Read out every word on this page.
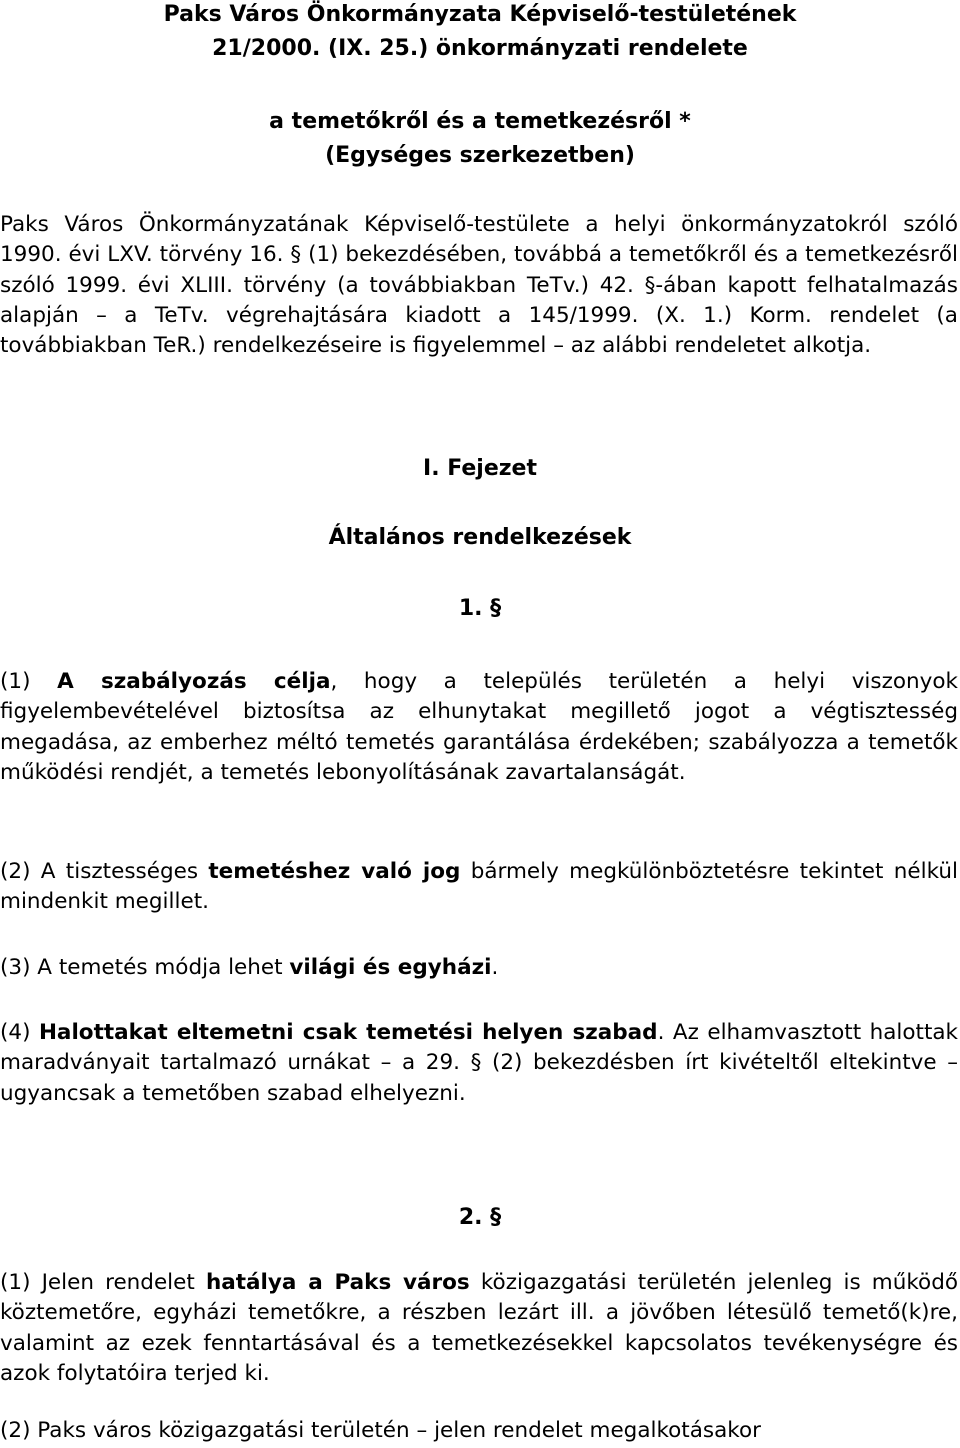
Paks Város Önkormányzata Képviselő-testületének

21/2000. (IX. 25.) önkormányzati rendelete

a temetőkről és a temetkezésről *

(Egységes szerkezetben)

Paks Város Önkormányzatának Képviselő-testülete a helyi önkormányzatokról szóló 1990. évi LXV. törvény 16. § (1) bekezdésében, továbbá a temetőkről és a temetkezésről szóló 1999. évi XLIII. törvény (a továbbiakban TeTv.) 42. §-ában kapott felhatalmazás alapján – a TeTv. végrehajtására kiadott a 145/1999. (X. 1.) Korm. rendelet (a továbbiakban TeR.) rendelkezéseire is figyelemmel – az alábbi rendeletet alkotja.

I. Fejezet

Általános rendelkezések

1. §

(1) A szabályozás célja, hogy a település területén a helyi viszonyok figyelembevételével biztosítsa az elhunytakat megillető jogot a végtisztesség megadása, az emberhez méltó temetés garantálása érdekében; szabályozza a temetők működési rendjét, a temetés lebonyolításának zavartalanságát.

(2) A tisztességes temetéshez való jog bármely megkülönböztetésre tekintet nélkül mindenkit megillet.

(3) A temetés módja lehet világi és egyházi.

(4) Halottakat eltemetni csak temetési helyen szabad. Az elhamvasztott halottak maradványait tartalmazó urnákat – a 29. § (2) bekezdésben írt kivételtől eltekintve – ugyancsak a temetőben szabad elhelyezni.

2. §

(1) Jelen rendelet hatálya a Paks város közigazgatási területén jelenleg is működő köztemetőre, egyházi temetőkre, a részben lezárt ill. a jövőben létesülő temető(k)re, valamint az ezek fenntartásával és a temetkezésekkel kapcsolatos tevékenységre és azok folytatóira terjed ki.

(2) Paks város közigazgatási területén – jelen rendelet megalkotásakor
